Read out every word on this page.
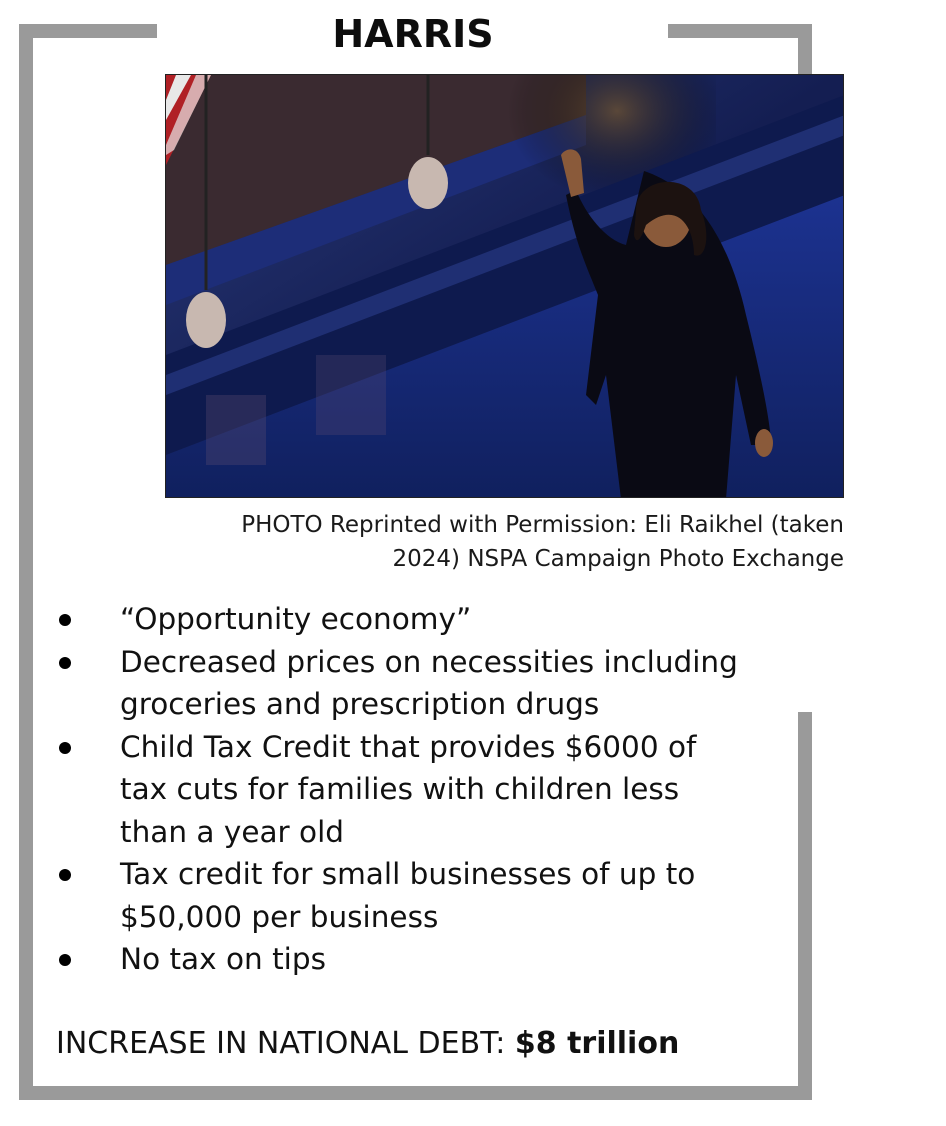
HARRIS
PHOTO Reprinted with Permission: Eli Raikhel (taken
2024) NSPA Campaign Photo Exchange
“Opportunity economy”
Decreased prices on necessities including
groceries and prescription drugs
Child Tax Credit that provides $6000 of
tax cuts for families with children less
than a year old
Tax credit for small businesses of up to
$50,000 per business
No tax on tips
INCREASE IN NATIONAL DEBT: $8 trillion
